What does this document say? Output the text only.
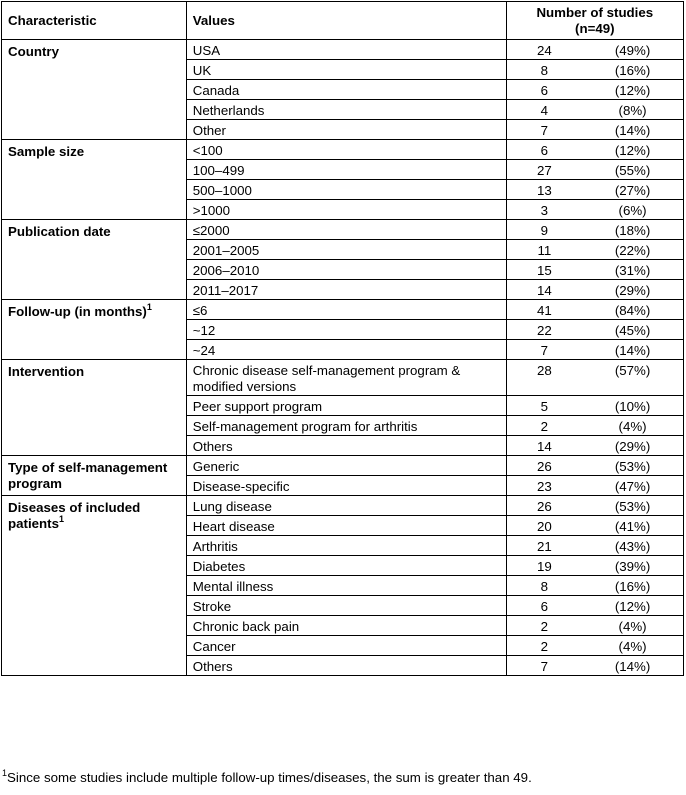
Characteristic	Values	Number of studies
(n=49)	
Country	USA	24	(49%)
	UK	8	(16%)
	Canada	6	(12%)
	Netherlands	4	(8%)
	Other	7	(14%)
Sample size	<100	6	(12%)
	100–499	27	(55%)
	500–1000	13	(27%)
	>1000	3	(6%)
Publication date	≤2000	9	(18%)
	2001–2005	11	(22%)
	2006–2010	15	(31%)
	2011–2017	14	(29%)
Follow-up (in months)$^1$	≤6	41	(84%)
	~12	22	(45%)
	~24	7	(14%)
Intervention	Chronic disease self-management program & modified versions	28	(57%)
	Peer support program	5	(10%)
	Self-management program for arthritis	2	(4%)
	Others	14	(29%)
Type of self-management program	Generic	26	(53%)
	Disease-specific	23	(47%)
Diseases of included patients$^1$	Lung disease	26	(53%)
	Heart disease	20	(41%)
	Arthritis	21	(43%)
	Diabetes	19	(39%)
	Mental illness	8	(16%)
	Stroke	6	(12%)
	Chronic back pain	2	(4%)
	Cancer	2	(4%)
	Others	7	(14%)
$^1$Since some studies include multiple follow-up times/diseases, the sum is greater than 49.
